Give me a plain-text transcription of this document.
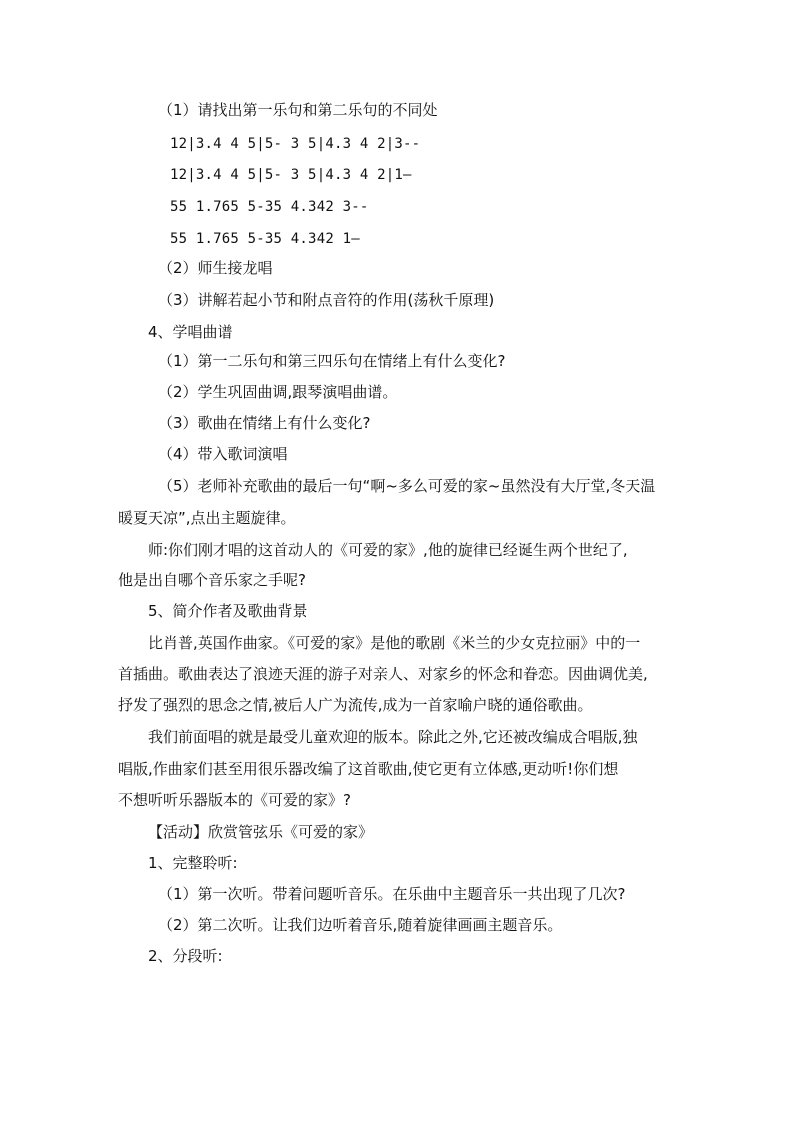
（1）请找出第一乐句和第二乐句的不同处
12|3.4 4 5|5- 3 5|4.3 4 2|3--
12|3.4 4 5|5- 3 5|4.3 4 2|1—
55 1.765 5-35 4.342 3--
55 1.765 5-35 4.342 1—
（2）师生接龙唱
（3）讲解若起小节和附点音符的作用(荡秋千原理)
4、学唱曲谱
（1）第一二乐句和第三四乐句在情绪上有什么变化?
（2）学生巩固曲调,跟琴演唱曲谱。
（3）歌曲在情绪上有什么变化?
（4）带入歌词演唱
（5）老师补充歌曲的最后一句“啊~多么可爱的家~虽然没有大厅堂,冬天温
暖夏天凉”,点出主题旋律。
师:你们刚才唱的这首动人的《可爱的家》,他的旋律已经诞生两个世纪了,
他是出自哪个音乐家之手呢?
5、简介作者及歌曲背景
比肖普,英国作曲家。《可爱的家》是他的歌剧《米兰的少女克拉丽》中的一
首插曲。歌曲表达了浪迹天涯的游子对亲人、对家乡的怀念和眷恋。因曲调优美,
抒发了强烈的思念之情,被后人广为流传,成为一首家喻户晓的通俗歌曲。
我们前面唱的就是最受儿童欢迎的版本。除此之外,它还被改编成合唱版,独
唱版,作曲家们甚至用很乐器改编了这首歌曲,使它更有立体感,更动听!你们想
不想听听乐器版本的《可爱的家》?
【活动】欣赏管弦乐《可爱的家》
1、完整聆听:
（1）第一次听。带着问题听音乐。在乐曲中主题音乐一共出现了几次?
（2）第二次听。让我们边听着音乐,随着旋律画画主题音乐。
2、分段听:
